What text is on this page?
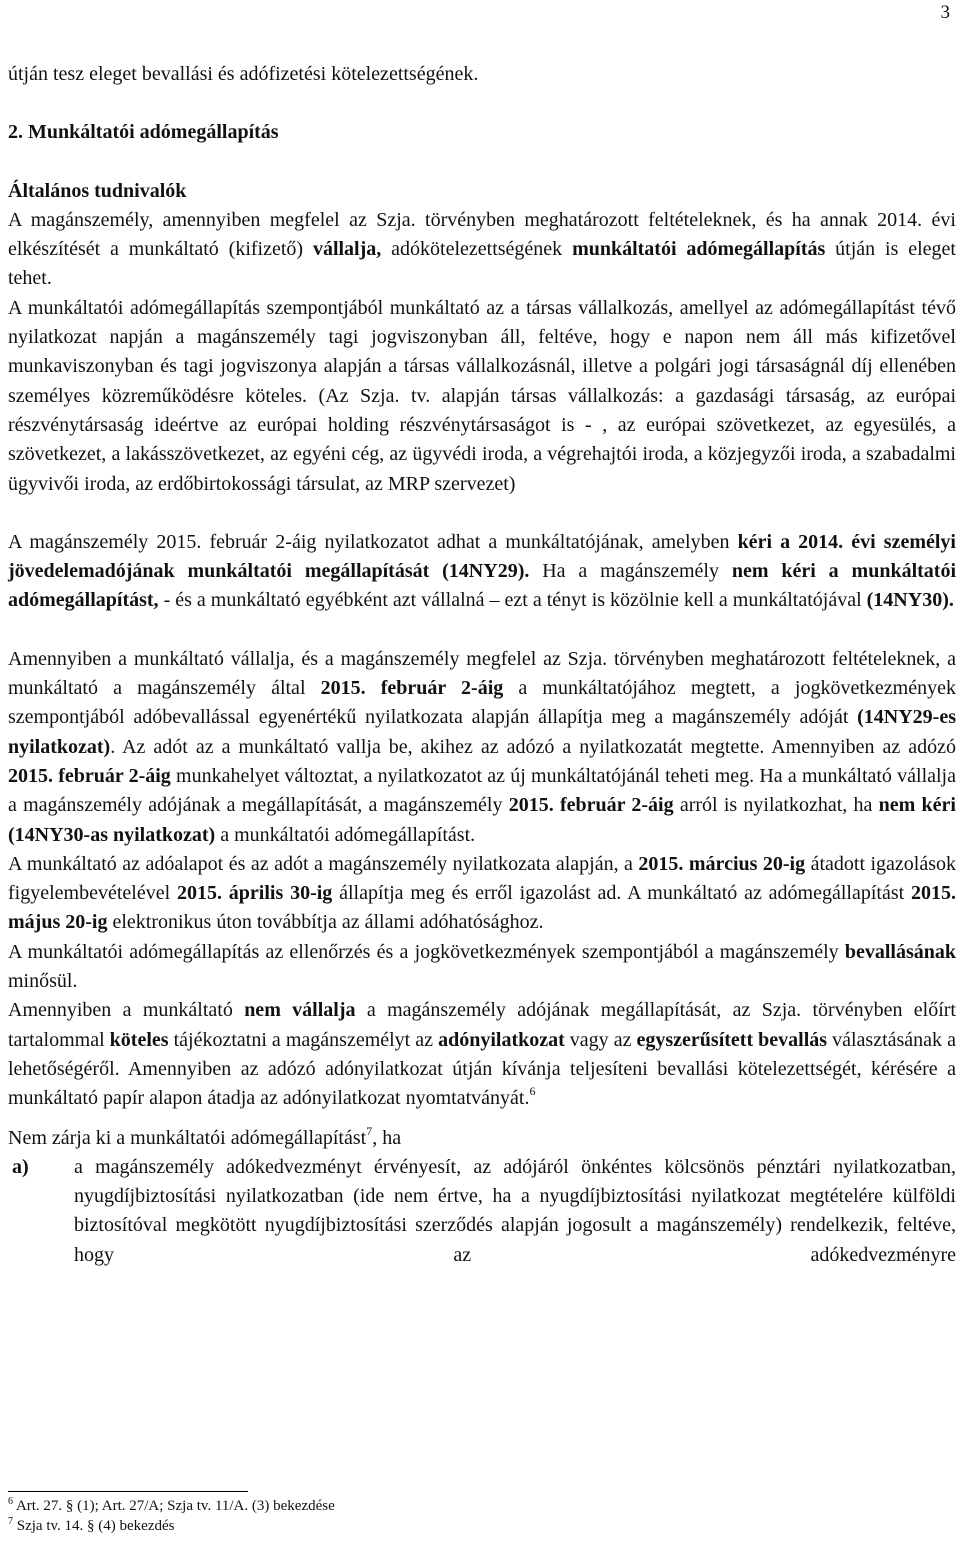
3

útján tesz eleget bevallási és adófizetési kötelezettségének.

2. Munkáltatói adómegállapítás

Általános tudnivalók

A magánszemély, amennyiben megfelel az Szja. törvényben meghatározott feltételeknek, és ha annak 2014. évi elkészítését a munkáltató (kifizető) vállalja, adókötelezettségének munkáltatói adómegállapítás útján is eleget tehet.

A munkáltatói adómegállapítás szempontjából munkáltató az a társas vállalkozás, amellyel az adómegállapítást tévő nyilatkozat napján a magánszemély tagi jogviszonyban áll, feltéve, hogy e napon nem áll más kifizetővel munkaviszonyban és tagi jogviszonya alapján a társas vállalkozásnál, illetve a polgári jogi társaságnál díj ellenében személyes közreműködésre köteles. (Az Szja. tv. alapján társas vállalkozás: a gazdasági társaság, az európai részvénytársaság ideértve az európai holding részvénytársaságot is - , az európai szövetkezet, az egyesülés, a szövetkezet, a lakásszövetkezet, az egyéni cég, az ügyvédi iroda, a végrehajtói iroda, a közjegyzői iroda, a szabadalmi ügyvivői iroda, az erdőbirtokossági társulat, az MRP szervezet)

A magánszemély 2015. február 2-áig nyilatkozatot adhat a munkáltatójának, amelyben kéri a 2014. évi személyi jövedelemadójának munkáltatói megállapítását (14NY29). Ha a magánszemély nem kéri a munkáltatói adómegállapítást, - és a munkáltató egyébként azt vállalná – ezt a tényt is közölnie kell a munkáltatójával (14NY30).

Amennyiben a munkáltató vállalja, és a magánszemély megfelel az Szja. törvényben meghatározott feltételeknek, a munkáltató a magánszemély által 2015. február 2-áig a munkáltatójához megtett, a jogkövetkezmények szempontjából adóbevallással egyenértékű nyilatkozata alapján állapítja meg a magánszemély adóját (14NY29-es nyilatkozat). Az adót az a munkáltató vallja be, akihez az adózó a nyilatkozatát megtette. Amennyiben az adózó 2015. február 2-áig munkahelyet változtat, a nyilatkozatot az új munkáltatójánál teheti meg. Ha a munkáltató vállalja a magánszemély adójának a megállapítását, a magánszemély 2015. február 2-áig arról is nyilatkozhat, ha nem kéri (14NY30-as nyilatkozat) a munkáltatói adómegállapítást.

A munkáltató az adóalapot és az adót a magánszemély nyilatkozata alapján, a 2015. március 20-ig átadott igazolások figyelembevételével 2015. április 30-ig állapítja meg és erről igazolást ad. A munkáltató az adómegállapítást 2015. május 20-ig elektronikus úton továbbítja az állami adóhatósághoz.

A munkáltatói adómegállapítás az ellenőrzés és a jogkövetkezmények szempontjából a magánszemély bevallásának minősül.

Amennyiben a munkáltató nem vállalja a magánszemély adójának megállapítását, az Szja. törvényben előírt tartalommal köteles tájékoztatni a magánszemélyt az adónyilatkozat vagy az egyszerűsített bevallás választásának a lehetőségéről. Amennyiben az adózó adónyilatkozat útján kívánja teljesíteni bevallási kötelezettségét, kérésére a munkáltató papír alapon átadja az adónyilatkozat nyomtatványát.$^6$

Nem zárja ki a munkáltatói adómegállapítást$^7$, ha

a)	a magánszemély adókedvezményt érvényesít, az adójáról önkéntes kölcsönös pénztári nyilatkozatban, nyugdíjbiztosítási nyilatkozatban (ide nem értve, ha a nyugdíjbiztosítási nyilatkozat megtételére külföldi biztosítóval megkötött nyugdíjbiztosítási szerződés alapján jogosult a magánszemély) rendelkezik, feltéve, hogy az adókedvezményre
$^6$ Art. 27. § (1); Art. 27/A; Szja tv. 11/A. (3) bekezdése
$^7$ Szja tv. 14. § (4) bekezdés
